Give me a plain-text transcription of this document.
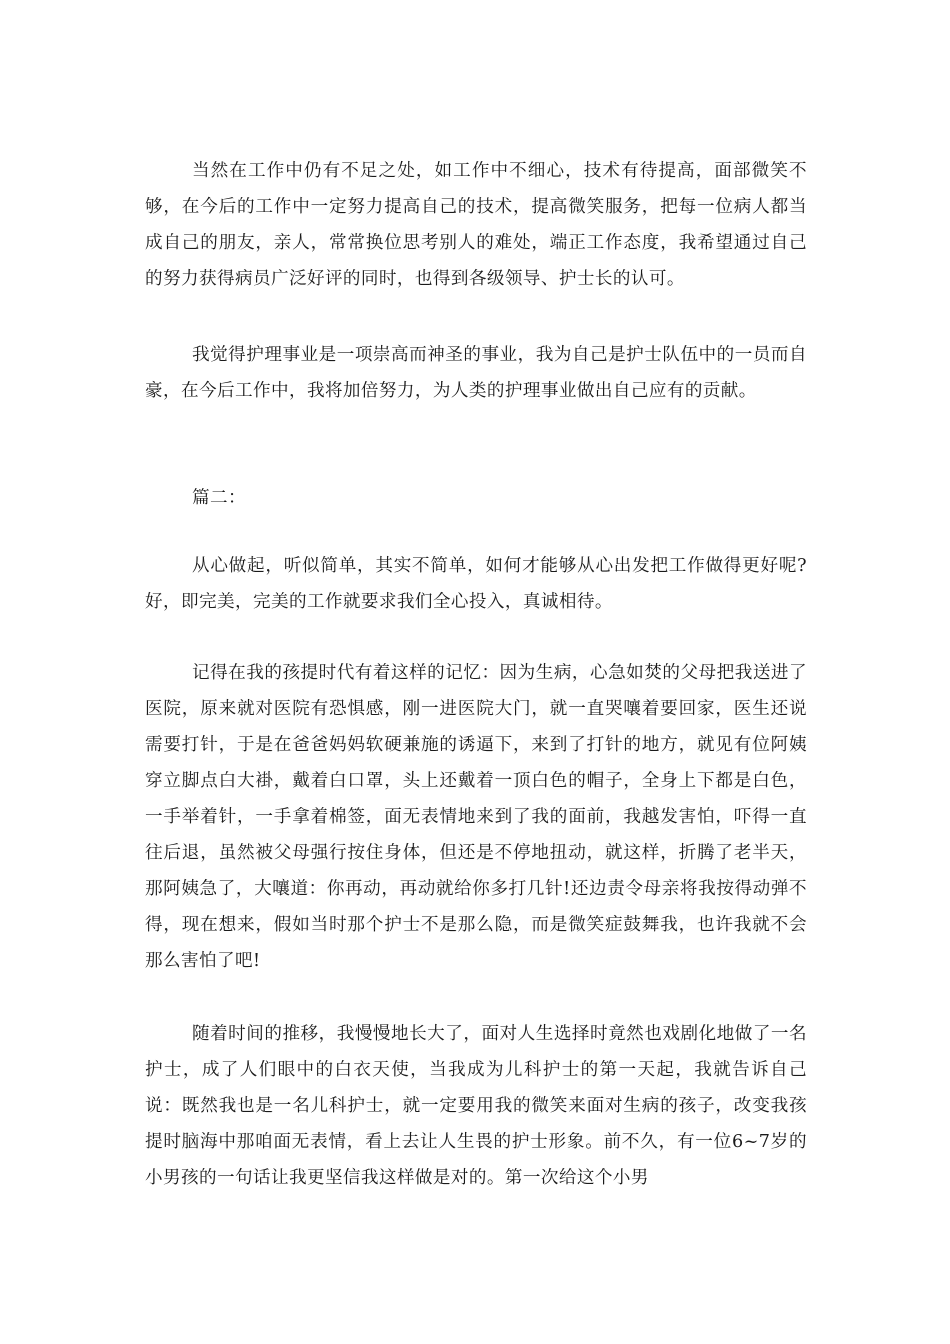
当然在工作中仍有不足之处，如工作中不细心，技术有待提高，面部微笑不够，在今后的工作中一定努力提高自己的技术，提高微笑服务，把每一位病人都当成自己的朋友，亲人，常常换位思考别人的难处，端正工作态度，我希望通过自己的努力获得病员广泛好评的同时，也得到各级领导、护士长的认可。

我觉得护理事业是一项崇高而神圣的事业，我为自己是护士队伍中的一员而自豪，在今后工作中，我将加倍努力，为人类的护理事业做出自己应有的贡献。

篇二：

从心做起，听似简单，其实不简单，如何才能够从心出发把工作做得更好呢?好，即完美，完美的工作就要求我们全心投入，真诚相待。

记得在我的孩提时代有着这样的记忆：因为生病，心急如焚的父母把我送进了医院，原来就对医院有恐惧感，刚一进医院大门，就一直哭嚷着要回家，医生还说需要打针，于是在爸爸妈妈软硬兼施的诱逼下，来到了打针的地方，就见有位阿姨穿立脚点白大褂，戴着白口罩，头上还戴着一顶白色的帽子，全身上下都是白色，一手举着针，一手拿着棉签，面无表情地来到了我的面前，我越发害怕，吓得一直往后退，虽然被父母强行按住身体，但还是不停地扭动，就这样，折腾了老半天，那阿姨急了，大嚷道：你再动，再动就给你多打几针!还边责令母亲将我按得动弹不得，现在想来，假如当时那个护士不是那么隐，而是微笑症鼓舞我，也许我就不会那么害怕了吧!

随着时间的推移，我慢慢地长大了，面对人生选择时竟然也戏剧化地做了一名护士，成了人们眼中的白衣天使，当我成为儿科护士的第一天起，我就告诉自己说：既然我也是一名儿科护士，就一定要用我的微笑来面对生病的孩子，改变我孩提时脑海中那咱面无表情，看上去让人生畏的护士形象。前不久，有一位6~7岁的小男孩的一句话让我更坚信我这样做是对的。第一次给这个小男
